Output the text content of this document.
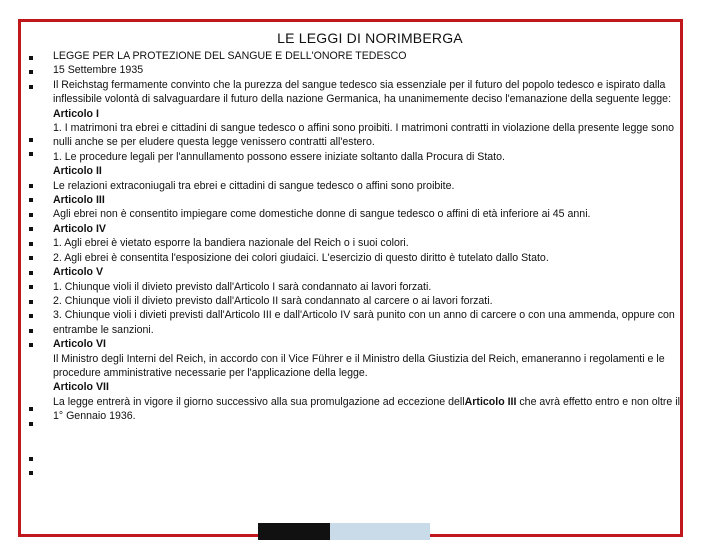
LE LEGGI DI NORIMBERGA

LEGGE PER LA PROTEZIONE DEL SANGUE E DELL'ONORE TEDESCO

15 Settembre 1935

Il Reichstag fermamente convinto che la purezza del sangue tedesco sia essenziale per il futuro del popolo tedesco e ispirato dalla inflessibile volontà di salvaguardare il futuro della nazione Germanica, ha unanimemente deciso l'emanazione della seguente legge:

Articolo I

1. I matrimoni tra ebrei e cittadini di sangue tedesco o affini sono proibiti. I matrimoni contratti in violazione della presente legge sono nulli anche se per eludere questa legge venissero contratti all'estero.

1. Le procedure legali per l'annullamento possono essere iniziate soltanto dalla Procura di Stato.

Articolo II

Le relazioni extraconiugali tra ebrei e cittadini di sangue tedesco o affini sono proibite.

Articolo III

Agli ebrei non è consentito impiegare come domestiche donne di sangue tedesco o affini di età inferiore ai 45 anni.

Articolo IV

1. Agli ebrei è vietato esporre la bandiera nazionale del Reich o i suoi colori.

2. Agli ebrei è consentita l'esposizione dei colori giudaici. L'esercizio di questo diritto è tutelato dallo Stato.

Articolo V

1. Chiunque violi il divieto previsto dall'Articolo I sarà condannato ai lavori forzati.

2. Chiunque violi il divieto previsto dall'Articolo II sarà condannato al carcere o ai lavori forzati.

3. Chiunque violi i divieti previsti dall'Articolo III e dall'Articolo IV sarà punito con un anno di carcere o con una ammenda, oppure con entrambe le sanzioni.

Articolo VI

Il Ministro degli Interni del Reich, in accordo con il Vice Führer e il Ministro della Giustizia del Reich, emaneranno i regolamenti e le procedure amministrative necessarie per l'applicazione della legge.

Articolo VII

La legge entrerà in vigore il giorno successivo alla sua promulgazione ad eccezione dellArticolo III che avrà effetto entro e non oltre il 1° Gennaio 1936.
